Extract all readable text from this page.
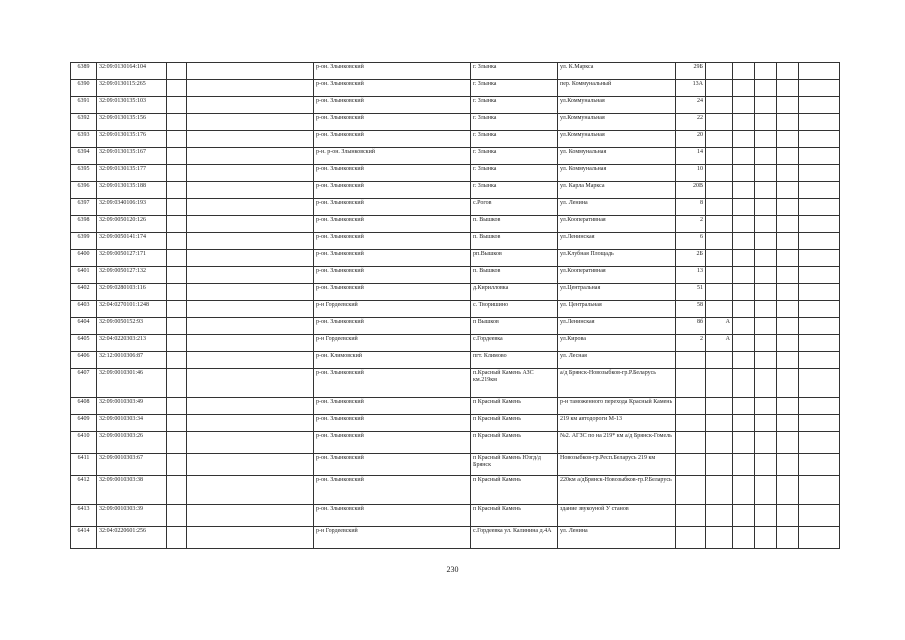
6389	32:09:0130164:104			р-он. Злынковский	г. Злынка	ул. К.Маркса	29Б					
6390	32:09:0130115:265			р-он. Злынковский	г. Злынка	пер. Коммунальный	13А					
6391	32:09:0130135:103			р-он. Злынковский	г. Злынка	ул.Коммунальная	24					
6392	32:09:0130135:156			р-он. Злынковский	г. Злынка	ул.Коммунальная	22					
6393	32:09:0130135:176			р-он. Злынковский	г. Злынка	ул.Коммунальная	20					
6394	32:09:0130135:167			р-н. р-он. Злынковский	г. Злынка	ул. Коммунальная	14					
6395	32:09:0130135:177			р-он. Злынковский	г. Злынка	ул. Коммунальная	10					
6396	32:09:0130135:188			р-он. Злынковский	г. Злынка	ул. Карла Маркса	20В					
6397	32:09:0340106:193			р-он. Злынковский	с.Рогов	ул. Ленина	8					
6398	32:09:0050120:126			р-он. Злынковский	п. Вышков	ул.Кооперативная	2					
6399	32:09:0050141:174			р-он. Злынковский	п. Вышков	ул.Ленинская	6					
6400	32:09:0050127:171			р-он. Злынковский	рп.Вышков	ул.Клубная Площадь	2Б					
6401	32:09:0050127:132			р-он. Злынковский	п. Вышков	ул.Кооперативная	13					
6402	32:09:0280103:116			р-он. Злынковский	д.Кирилловка	ул.Центральная	51					
6403	32:04:0270101:1248			р-н Гордеевский	с. Творишино	ул. Центральная	58					
6404	32:09:0050152:93			р-он. Злынковский	п Вышков	ул.Ленинская	8б	А				
6405	32:04:0220303:213			р-н Гордеевский	с.Гордеевка	ул.Кирова	2	А				
6406	32:12:0010306:87			р-он. Климовский	пгт. Климово	ул. Лесная						
6407	32:09:0010301:46			р-он. Злынковский	п.Красный Камень АЗС км.219км	а/д Брянск-Новозыбков-гр.Р.Беларусь						
6408	32:09:0010303:49			р-он. Злынковский	п Красный Камень	р-н таможенного перехода Красный Камень						
6409	32:09:0010303:34			р-он. Злынковский	п Красный Камень	219 км автодороги М-13						
6410	32:09:0010303:26			р-он. Злынковский	п Красный Камень	№2. АГЗС по на 219* км а/д Брянск-Гомель						
6411	32:09:0010303:67			р-он. Злынковский	п Красный Камень Юзгд/д Брянск	Новозыбков-гр.Респ.Беларусь 219 км						
6412	32:09:0010303:38			р-он. Злынковский	п Красный Камень	220км а/дБрянск-Новозыбков-гр.Р.Беларусь						
6413	32:09:0010303:39			р-он. Злынковский	п Красный Камень	здание звукоуной У станов						
6414	32:04:0220601:256			р-н Гордеевский	с.Гордеевка ул. Калинина д.4А	ул. Ленина						
230
